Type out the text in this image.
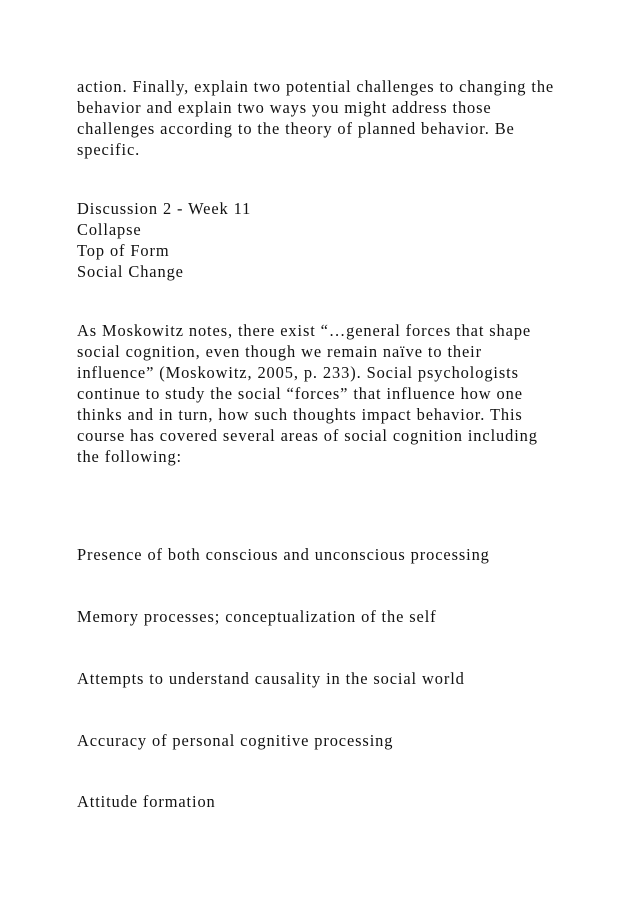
action. Finally, explain two potential challenges to changing the
behavior and explain two ways you might address those
challenges according to the theory of planned behavior. Be
specific.
Discussion 2 - Week 11
Collapse
Top of Form
Social Change
As Moskowitz notes, there exist “…general forces that shape
social cognition, even though we remain naïve to their
influence” (Moskowitz, 2005, p. 233). Social psychologists
continue to study the social “forces” that influence how one
thinks and in turn, how such thoughts impact behavior. This
course has covered several areas of social cognition including
the following:
Presence of both conscious and unconscious processing
Memory processes; conceptualization of the self
Attempts to understand causality in the social world
Accuracy of personal cognitive processing
Attitude formation
